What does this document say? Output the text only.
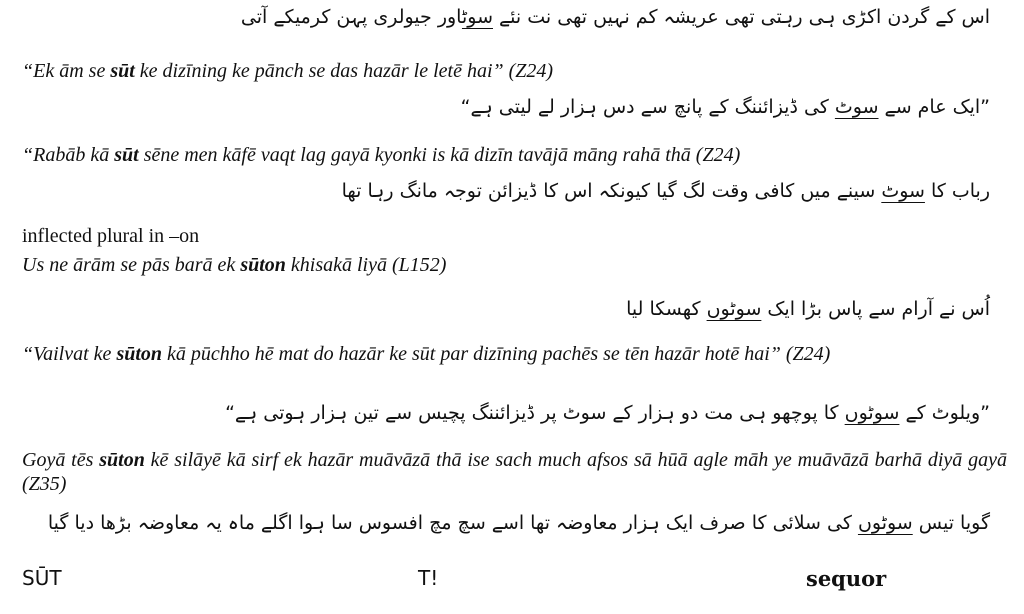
اس کے گردن اکڑی ہی رہتی تھی عریشہ کم نہیں تھی نت نئے سوٹاور جیولری پہن کرمیکے آتی
“Ek ām se sūt ke dizīning ke pānch se das hazār le letē hai” (Z24)
”ایک عام سے سوٹ کی ڈیزائننگ کے پانچ سے دس ہزار لے لیتی ہے“
“Rabāb kā sūt sēne men kāfē vaqt lag gayā kyonki is kā dizīn tavājā māng rahā thā (Z24)
رباب کا سوٹ سینے میں کافی وقت لگ گیا کیونکہ اس کا ڈیزائن توجہ مانگ رہا تھا
inflected plural in –on
Us ne ārām se pās barā ek sūton khisakā liyā (L152)
اُس نے آرام سے پاس بڑا ایک سوٹوں کھسکا لیا
“Vailvat ke sūton kā pūchho hē mat do hazār ke sūt par dizīning pachēs se tēn hazār hotē hai” (Z24)
”ویلوٹ کے سوٹوں کا پوچھو ہی مت دو ہزار کے سوٹ پر ڈیزائننگ پچیس سے تین ہزار ہوتی ہے“
Goyā tēs sūton kē silāyē kā sirf ek hazār muāvāzā thā ise sach much afsos sā hūā agle māh ye muāvāzā barhā diyā gayā (Z35)
گویا تیس سوٹوں کی سلائی کا صرف ایک ہزار معاوضہ تھا اسے سچ مچ افسوس سا ہوا اگلے ماہ یہ معاوضہ بڑھا دیا گیا
SŪT	T!	sequor
